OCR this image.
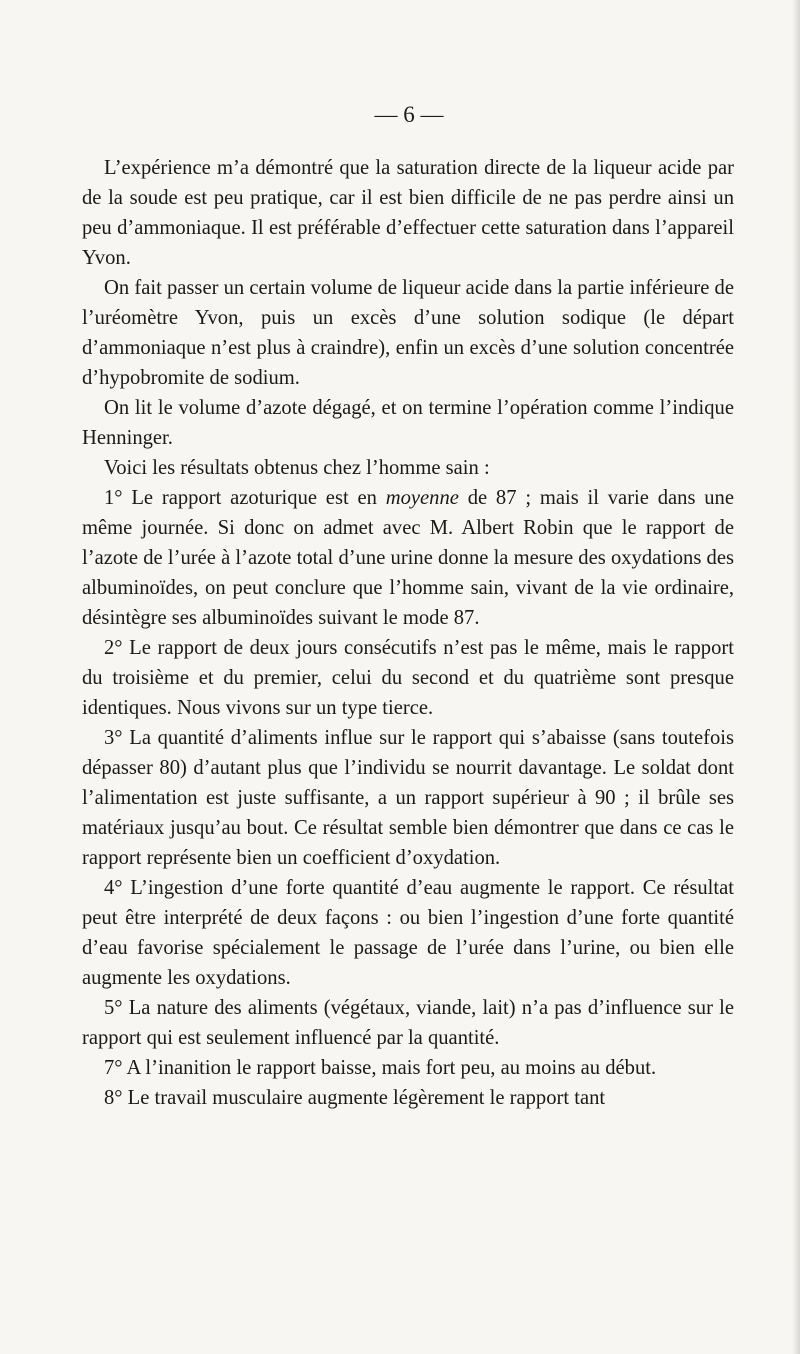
— 6 —

L’expérience m’a démontré que la saturation directe de la liqueur acide par de la soude est peu pratique, car il est bien difficile de ne pas perdre ainsi un peu d’ammoniaque. Il est préférable d’effectuer cette saturation dans l’appareil Yvon.

On fait passer un certain volume de liqueur acide dans la partie inférieure de l’uréomètre Yvon, puis un excès d’une solution sodique (le départ d’ammoniaque n’est plus à craindre), enfin un excès d’une solution concentrée d’hypobromite de sodium.

On lit le volume d’azote dégagé, et on termine l’opération comme l’indique Henninger.

Voici les résultats obtenus chez l’homme sain :

1° Le rapport azoturique est en moyenne de 87 ; mais il varie dans une même journée. Si donc on admet avec M. Albert Robin que le rapport de l’azote de l’urée à l’azote total d’une urine donne la mesure des oxydations des albuminoïdes, on peut conclure que l’homme sain, vivant de la vie ordinaire, désintègre ses albuminoïdes suivant le mode 87.

2° Le rapport de deux jours consécutifs n’est pas le même, mais le rapport du troisième et du premier, celui du second et du quatrième sont presque identiques. Nous vivons sur un type tierce.

3° La quantité d’aliments influe sur le rapport qui s’abaisse (sans toutefois dépasser 80) d’autant plus que l’individu se nourrit davantage. Le soldat dont l’alimentation est juste suffisante, a un rapport supérieur à 90 ; il brûle ses matériaux jusqu’au bout. Ce résultat semble bien démontrer que dans ce cas le rapport représente bien un coefficient d’oxydation.

4° L’ingestion d’une forte quantité d’eau augmente le rapport. Ce résultat peut être interprété de deux façons : ou bien l’ingestion d’une forte quantité d’eau favorise spécialement le passage de l’urée dans l’urine, ou bien elle augmente les oxydations.

5° La nature des aliments (végétaux, viande, lait) n’a pas d’influence sur le rapport qui est seulement influencé par la quantité.

7° A l’inanition le rapport baisse, mais fort peu, au moins au début.

8° Le travail musculaire augmente légèrement le rapport tant
